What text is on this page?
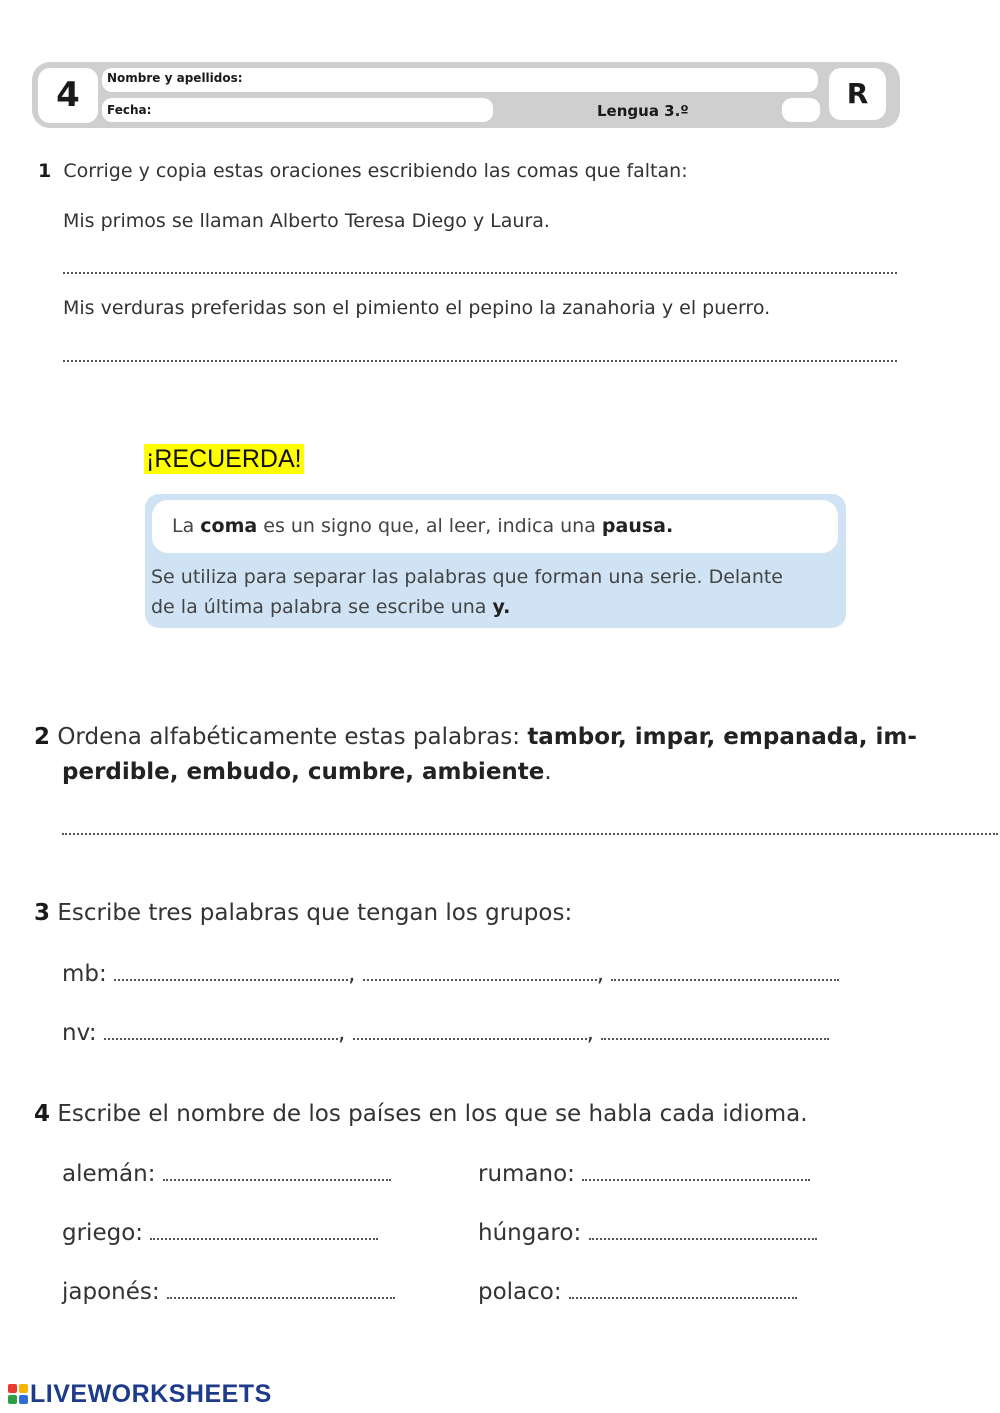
4	Nombre y apellidos:
Fecha:	Lengua 3.º
R
1 Corrige y copia estas oraciones escribiendo las comas que faltan:
Mis primos se llaman Alberto Teresa Diego y Laura.
Mis verduras preferidas son el pimiento el pepino la zanahoria y el puerro.
¡RECUERDA!
La coma es un signo que, al leer, indica una pausa.
Se utiliza para separar las palabras que forman una serie. Delante
de la última palabra se escribe una y.
2 Ordena alfabéticamente estas palabras: tambor, impar, empanada, im-
perdible, embudo, cumbre, ambiente.
3 Escribe tres palabras que tengan los grupos:
mb:	,	,
nv:	,	,
4 Escribe el nombre de los países en los que se habla cada idioma.
alemán:	rumano:
griego:	húngaro:
japonés:	polaco:
LIVEWORKSHEETS
